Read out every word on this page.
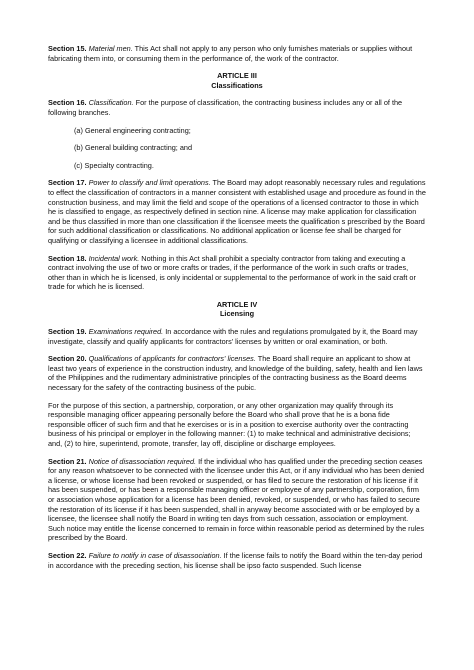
Section 15. Material men. This Act shall not apply to any person who only furnishes materials or supplies without fabricating them into, or consuming them in the performance of, the work of the contractor.

ARTICLE III
Classifications

Section 16. Classification. For the purpose of classification, the contracting business includes any or all of the following branches.

(a) General engineering contracting;
(b) General building contracting; and
(c) Specialty contracting.

Section 17. Power to classify and limit operations. The Board may adopt reasonably necessary rules and regulations to effect the classification of contractors in a manner consistent with established usage and procedure as found in the construction business, and may limit the field and scope of the operations of a licensed contractor to those in which he is classified to engage, as respectively defined in section nine. A license may make application for classification and be thus classified in more than one classification if the licensee meets the qualification s prescribed by the Board for such additional classification or classifications. No additional application or license fee shall be charged for qualifying or classifying a licensee in additional classifications.

Section 18. Incidental work. Nothing in this Act shall prohibit a specialty contractor from taking and executing a contract involving the use of two or more crafts or trades, if the performance of the work in such crafts or trades, other than in which he is licensed, is only incidental or supplemental to the performance of work in the said craft or trade for which he is licensed.

ARTICLE IV
Licensing

Section 19. Examinations required. In accordance with the rules and regulations promulgated by it, the Board may investigate, classify and qualify applicants for contractors' licenses by written or oral examination, or both.

Section 20. Qualifications of applicants for contractors' licenses. The Board shall require an applicant to show at least two years of experience in the construction industry, and knowledge of the building, safety, health and lien laws of the Philippines and the rudimentary administrative principles of the contracting business as the Board deems necessary for the safety of the contracting business of the pubic.

For the purpose of this section, a partnership, corporation, or any other organization may qualify through its responsible managing officer appearing personally before the Board who shall prove that he is a bona fide responsible officer of such firm and that he exercises or is in a position to exercise authority over the contracting business of his principal or employer in the following manner: (1) to make technical and administrative decisions; and, (2) to hire, superintend, promote, transfer, lay off, discipline or discharge employees.

Section 21. Notice of disassociation required. If the individual who has qualified under the preceding section ceases for any reason whatsoever to be connected with the licensee under this Act, or if any individual who has been denied a license, or whose license had been revoked or suspended, or has filed to secure the restoration of his license if it has been suspended, or has been a responsible managing officer or employee of any partnership, corporation, firm or association whose application for a license has been denied, revoked, or suspended, or who has failed to secure the restoration of its license if it has been suspended, shall in anyway become associated with or be employed by a licensee, the licensee shall notify the Board in writing ten days from such cessation, association or employment. Such notice may entitle the license concerned to remain in force within reasonable period as determined by the rules prescribed by the Board.

Section 22. Failure to notify in case of disassociation. If the license fails to notify the Board within the ten-day period in accordance with the preceding section, his license shall be ipso facto suspended. Such license
